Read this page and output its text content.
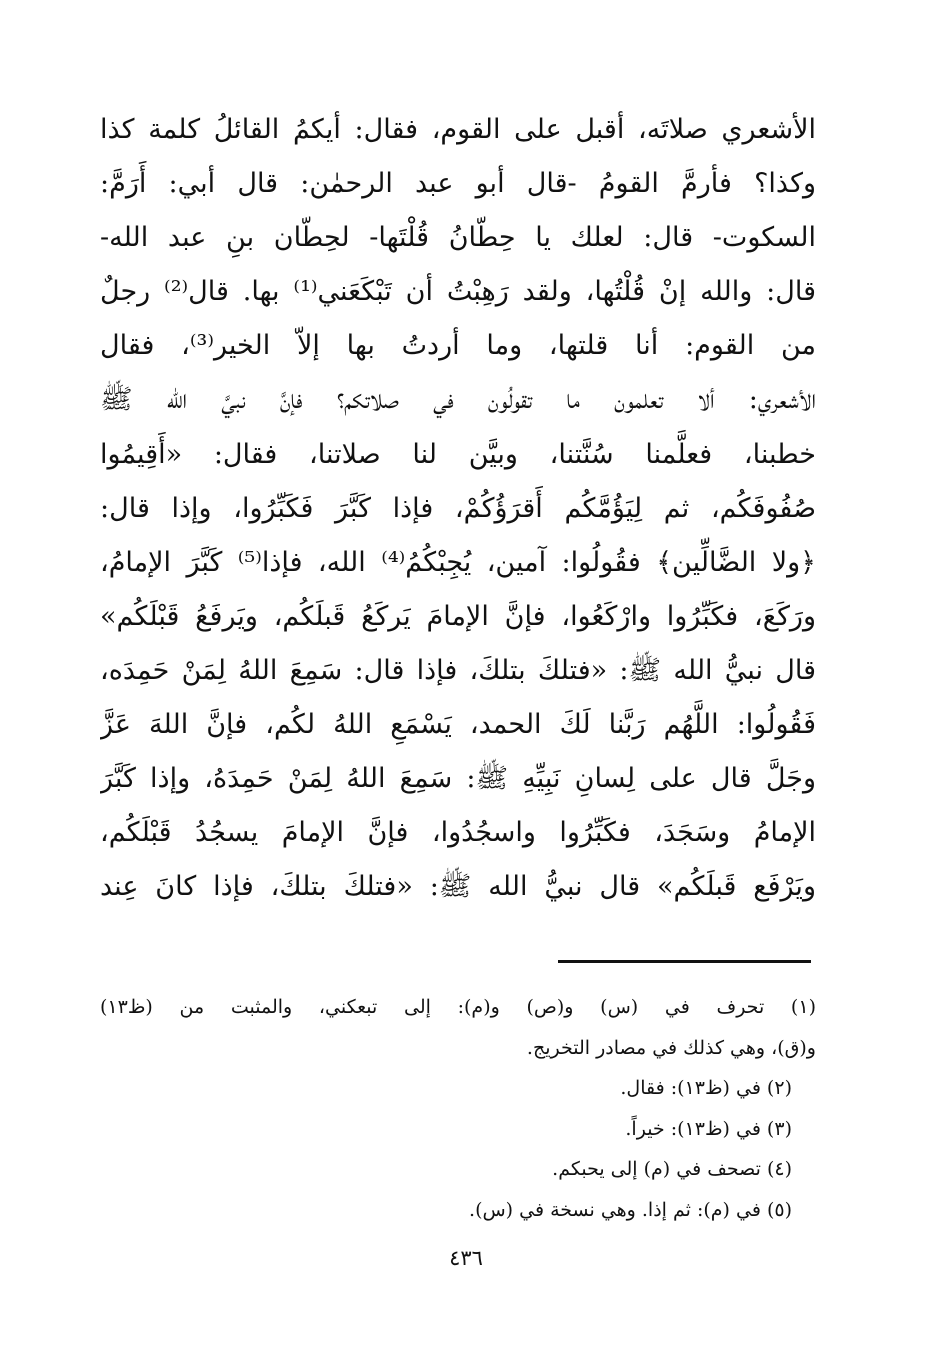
الأشعري صلاتَه، أقبل على القوم، فقال: أيكمُ القائلُ كلمة كذا
وكذا؟ فأرمَّ القومُ -قال أبو عبد الرحمٰن: قال أبي: أَرَمَّ:
السكوت- قال: لعلك يا حِطّانُ قُلْتَها- لحِطّان بنِ عبد الله-
قال: والله إنْ قُلْتُها، ولقد رَهِبْتُ أن تَبْكَعَني⁽¹⁾ بها. قال⁽²⁾ رجلٌ
من القوم: أنا قلتها، وما أردتُ بها إلاّ الخير⁽³⁾، فقال
الأشعري: ألا تعلمون ما تقولُون في صلاتكم؟ فإنَّ نبيَّ الله ﷺ
خطبنا، فعلَّمنا سُنَّتنا، وبيَّن لنا صلاتنا، فقال: «أَقِيمُوا
صُفُوفَكُم، ثم لِيَؤُمَّكُم أَقرَؤُكُمْ، فإذا كَبَّرَ فَكَبِّرُوا، وإذا قال:
﴿ولا الضَّالِّين﴾ فقُولُوا: آمين، يُجِبْكُمُ⁽⁴⁾ الله، فإذا⁽⁵⁾ كَبَّرَ الإمامُ،
ورَكَعَ، فكَبِّرُوا وارْكَعُوا، فإنَّ الإمامَ يَركَعُ قَبلَكُم، ويَرفَعُ قَبْلَكُم»
قال نبيُّ الله ﷺ: «فتلكَ بتلكَ، فإذا قال: سَمِعَ اللهُ لِمَنْ حَمِدَه،
فَقُولُوا: اللَّهُم رَبَّنا لَكَ الحمد، يَسْمَعِ اللهُ لكُم، فإنَّ اللهَ عَزَّ
وجَلَّ قال على لِسانِ نَبِيِّهِ ﷺ: سَمِعَ اللهُ لِمَنْ حَمِدَهُ، وإذا كَبَّرَ
الإمامُ وسَجَدَ، فكَبِّرُوا واسجُدُوا، فإنَّ الإمامَ يسجُدُ قَبْلَكُم،
ويَرْفَع قَبلَكُم» قال نبيُّ الله ﷺ: «فتلكَ بتلكَ، فإذا كانَ عِند
(١) تحرف في (س) و(ص) و(م): إلى تبعكني، والمثبت من (ظ١٣)
و(ق)، وهي كذلك في مصادر التخريج.
(٢) في (ظ١٣): فقال.
(٣) في (ظ١٣): خيراً.
(٤) تصحف في (م) إلى يحبكم.
(٥) في (م): ثم إذا. وهي نسخة في (س).
٤٣٦
